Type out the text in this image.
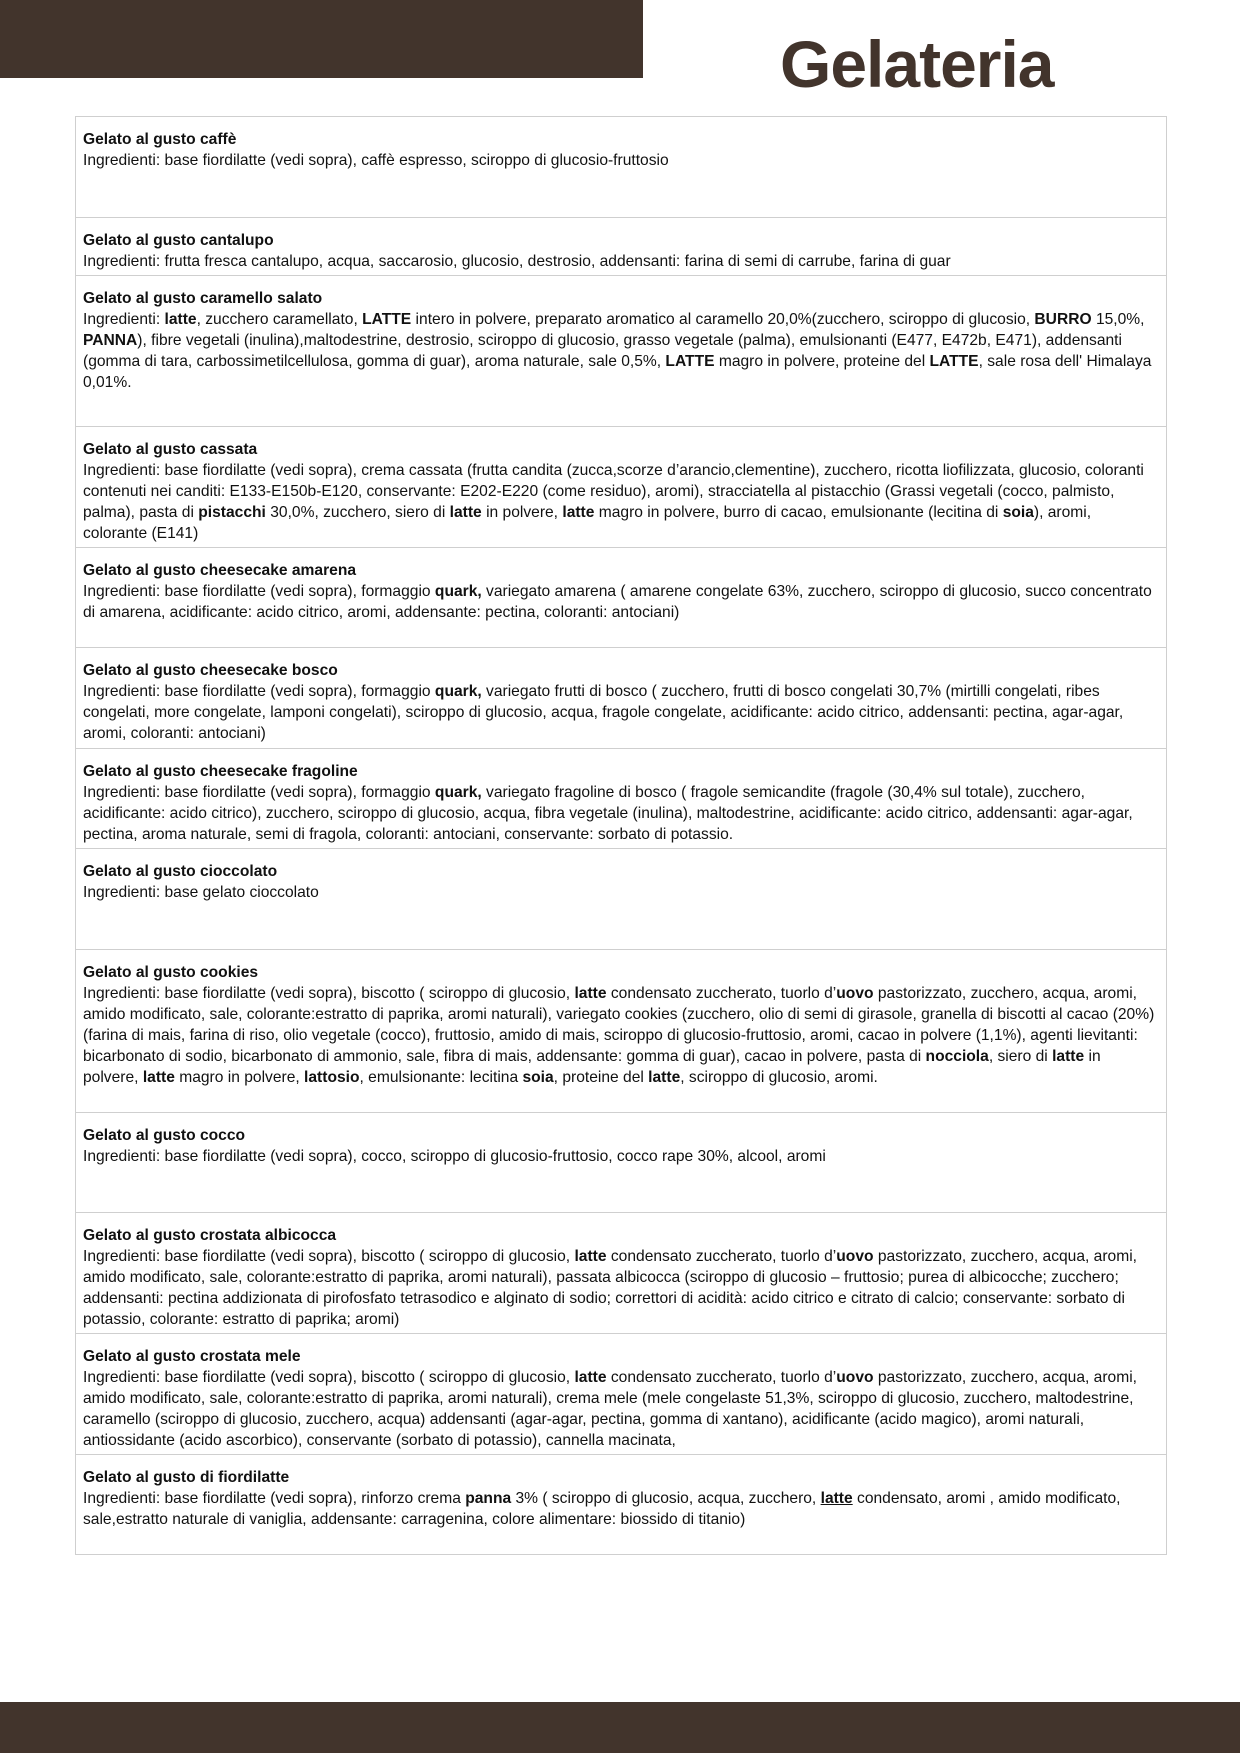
Gelateria
Gelato al gusto caffè
Ingredienti: base fiordilatte (vedi sopra), caffè espresso, sciroppo di glucosio-fruttosio
Gelato al gusto cantalupo
Ingredienti: frutta fresca cantalupo, acqua, saccarosio, glucosio, destrosio, addensanti: farina di semi di carrube, farina di guar
Gelato al gusto caramello salato
Ingredienti: latte, zucchero caramellato, LATTE intero in polvere, preparato aromatico al caramello 20,0%(zucchero, sciroppo di glucosio, BURRO 15,0%, PANNA), fibre vegetali (inulina),maltodestrine, destrosio, sciroppo di glucosio, grasso vegetale (palma), emulsionanti (E477, E472b, E471), addensanti (gomma di tara, carbossimetilcellulosa, gomma di guar), aroma naturale, sale 0,5%, LATTE magro in polvere, proteine del LATTE, sale rosa dell' Himalaya 0,01%.
Gelato al gusto cassata
Ingredienti: base fiordilatte (vedi sopra), crema cassata (frutta candita (zucca,scorze d’arancio,clementine), zucchero, ricotta liofilizzata, glucosio, coloranti contenuti nei canditi: E133-E150b-E120, conservante: E202-E220 (come residuo), aromi), stracciatella al pistacchio (Grassi vegetali (cocco, palmisto, palma), pasta di pistacchi 30,0%, zucchero, siero di latte in polvere, latte magro in polvere, burro di cacao, emulsionante (lecitina di soia), aromi, colorante (E141)
Gelato al gusto cheesecake amarena
Ingredienti: base fiordilatte (vedi sopra), formaggio quark, variegato amarena ( amarene congelate 63%, zucchero, sciroppo di glucosio, succo concentrato di amarena, acidificante: acido citrico, aromi, addensante: pectina, coloranti: antociani)
Gelato al gusto cheesecake bosco
Ingredienti: base fiordilatte (vedi sopra), formaggio quark, variegato frutti di bosco ( zucchero, frutti di bosco congelati 30,7% (mirtilli congelati, ribes congelati, more congelate, lamponi congelati), sciroppo di glucosio, acqua, fragole congelate, acidificante: acido citrico, addensanti: pectina, agar-agar, aromi, coloranti: antociani)
Gelato al gusto cheesecake fragoline
Ingredienti: base fiordilatte (vedi sopra), formaggio quark, variegato fragoline di bosco ( fragole semicandite (fragole (30,4% sul totale), zucchero, acidificante: acido citrico), zucchero, sciroppo di glucosio, acqua, fibra vegetale (inulina), maltodestrine, acidificante: acido citrico, addensanti: agar-agar, pectina, aroma naturale, semi di fragola, coloranti: antociani, conservante: sorbato di potassio.
Gelato al gusto cioccolato
Ingredienti: base gelato cioccolato
Gelato al gusto cookies
Ingredienti: base fiordilatte (vedi sopra), biscotto ( sciroppo di glucosio, latte condensato zuccherato, tuorlo d’uovo pastorizzato, zucchero, acqua, aromi, amido modificato, sale, colorante:estratto di paprika, aromi naturali), variegato cookies (zucchero, olio di semi di girasole, granella di biscotti al cacao (20%)(farina di mais, farina di riso, olio vegetale (cocco), fruttosio, amido di mais, sciroppo di glucosio-fruttosio, aromi, cacao in polvere (1,1%), agenti lievitanti: bicarbonato di sodio, bicarbonato di ammonio, sale, fibra di mais, addensante: gomma di guar), cacao in polvere, pasta di nocciola, siero di latte in polvere, latte magro in polvere, lattosio, emulsionante: lecitina soia, proteine del latte, sciroppo di glucosio, aromi.
Gelato al gusto cocco
Ingredienti: base fiordilatte (vedi sopra), cocco, sciroppo di glucosio-fruttosio, cocco rape 30%, alcool, aromi
Gelato al gusto crostata albicocca
Ingredienti: base fiordilatte (vedi sopra), biscotto ( sciroppo di glucosio, latte condensato zuccherato, tuorlo d’uovo pastorizzato, zucchero, acqua, aromi, amido modificato, sale, colorante:estratto di paprika, aromi naturali), passata albicocca (sciroppo di glucosio – fruttosio; purea di albicocche; zucchero; addensanti: pectina addizionata di pirofosfato tetrasodico e alginato di sodio; correttori di acidità: acido citrico e citrato di calcio; conservante: sorbato di potassio, colorante: estratto di paprika; aromi)
Gelato al gusto crostata mele
Ingredienti: base fiordilatte (vedi sopra), biscotto ( sciroppo di glucosio, latte condensato zuccherato, tuorlo d’uovo pastorizzato, zucchero, acqua, aromi, amido modificato, sale, colorante:estratto di paprika, aromi naturali), crema mele (mele congelaste 51,3%, sciroppo di glucosio, zucchero, maltodestrine, caramello (sciroppo di glucosio, zucchero, acqua) addensanti (agar-agar, pectina, gomma di xantano), acidificante (acido magico), aromi naturali, antiossidante (acido ascorbico), conservante (sorbato di potassio), cannella macinata,
Gelato al gusto di fiordilatte
Ingredienti: base fiordilatte (vedi sopra), rinforzo crema panna 3% ( sciroppo di glucosio, acqua, zucchero, latte condensato, aromi , amido modificato, sale,estratto naturale di vaniglia, addensante: carragenina, colore alimentare: biossido di titanio)
